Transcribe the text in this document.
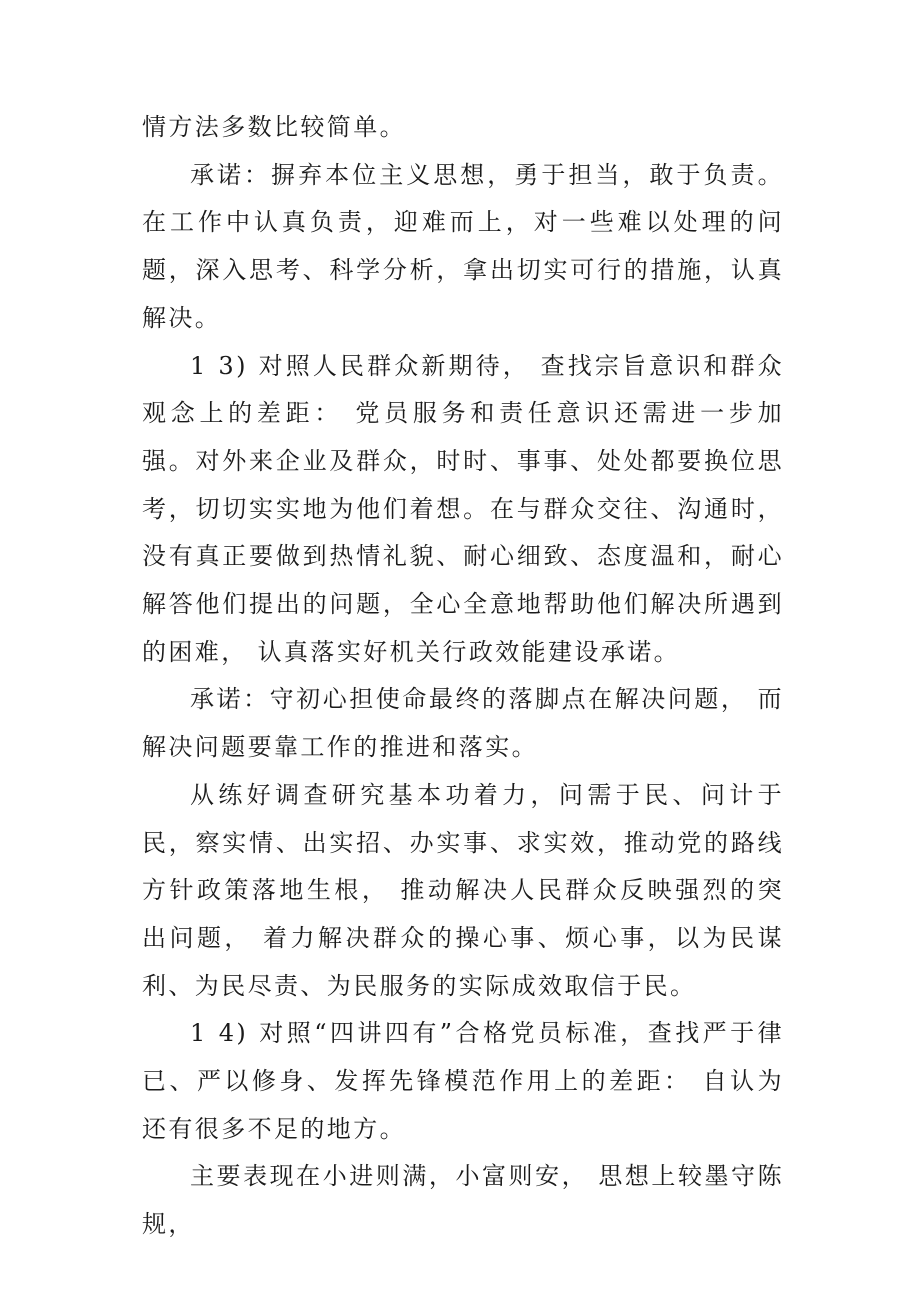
情方法多数比较简单。

承诺：摒弃本位主义思想，勇于担当，敢于负责。在工作中认真负责，迎难而上，对一些难以处理的问题，深入思考、科学分析，拿出切实可行的措施，认真解决。

1 3) 对照人民群众新期待， 查找宗旨意识和群众观念上的差距： 党员服务和责任意识还需进一步加强。对外来企业及群众，时时、事事、处处都要换位思考，切切实实地为他们着想。在与群众交往、沟通时，没有真正要做到热情礼貌、耐心细致、态度温和，耐心解答他们提出的问题，全心全意地帮助他们解决所遇到的困难， 认真落实好机关行政效能建设承诺。

承诺：守初心担使命最终的落脚点在解决问题， 而解决问题要靠工作的推进和落实。

从练好调查研究基本功着力，问需于民、问计于民，察实情、出实招、办实事、求实效，推动党的路线方针政策落地生根， 推动解决人民群众反映强烈的突出问题， 着力解决群众的操心事、烦心事，以为民谋利、为民尽责、为民服务的实际成效取信于民。

1 4) 对照“四讲四有”合格党员标准，查找严于律已、严以修身、发挥先锋模范作用上的差距： 自认为还有很多不足的地方。

主要表现在小进则满，小富则安， 思想上较墨守陈规，
